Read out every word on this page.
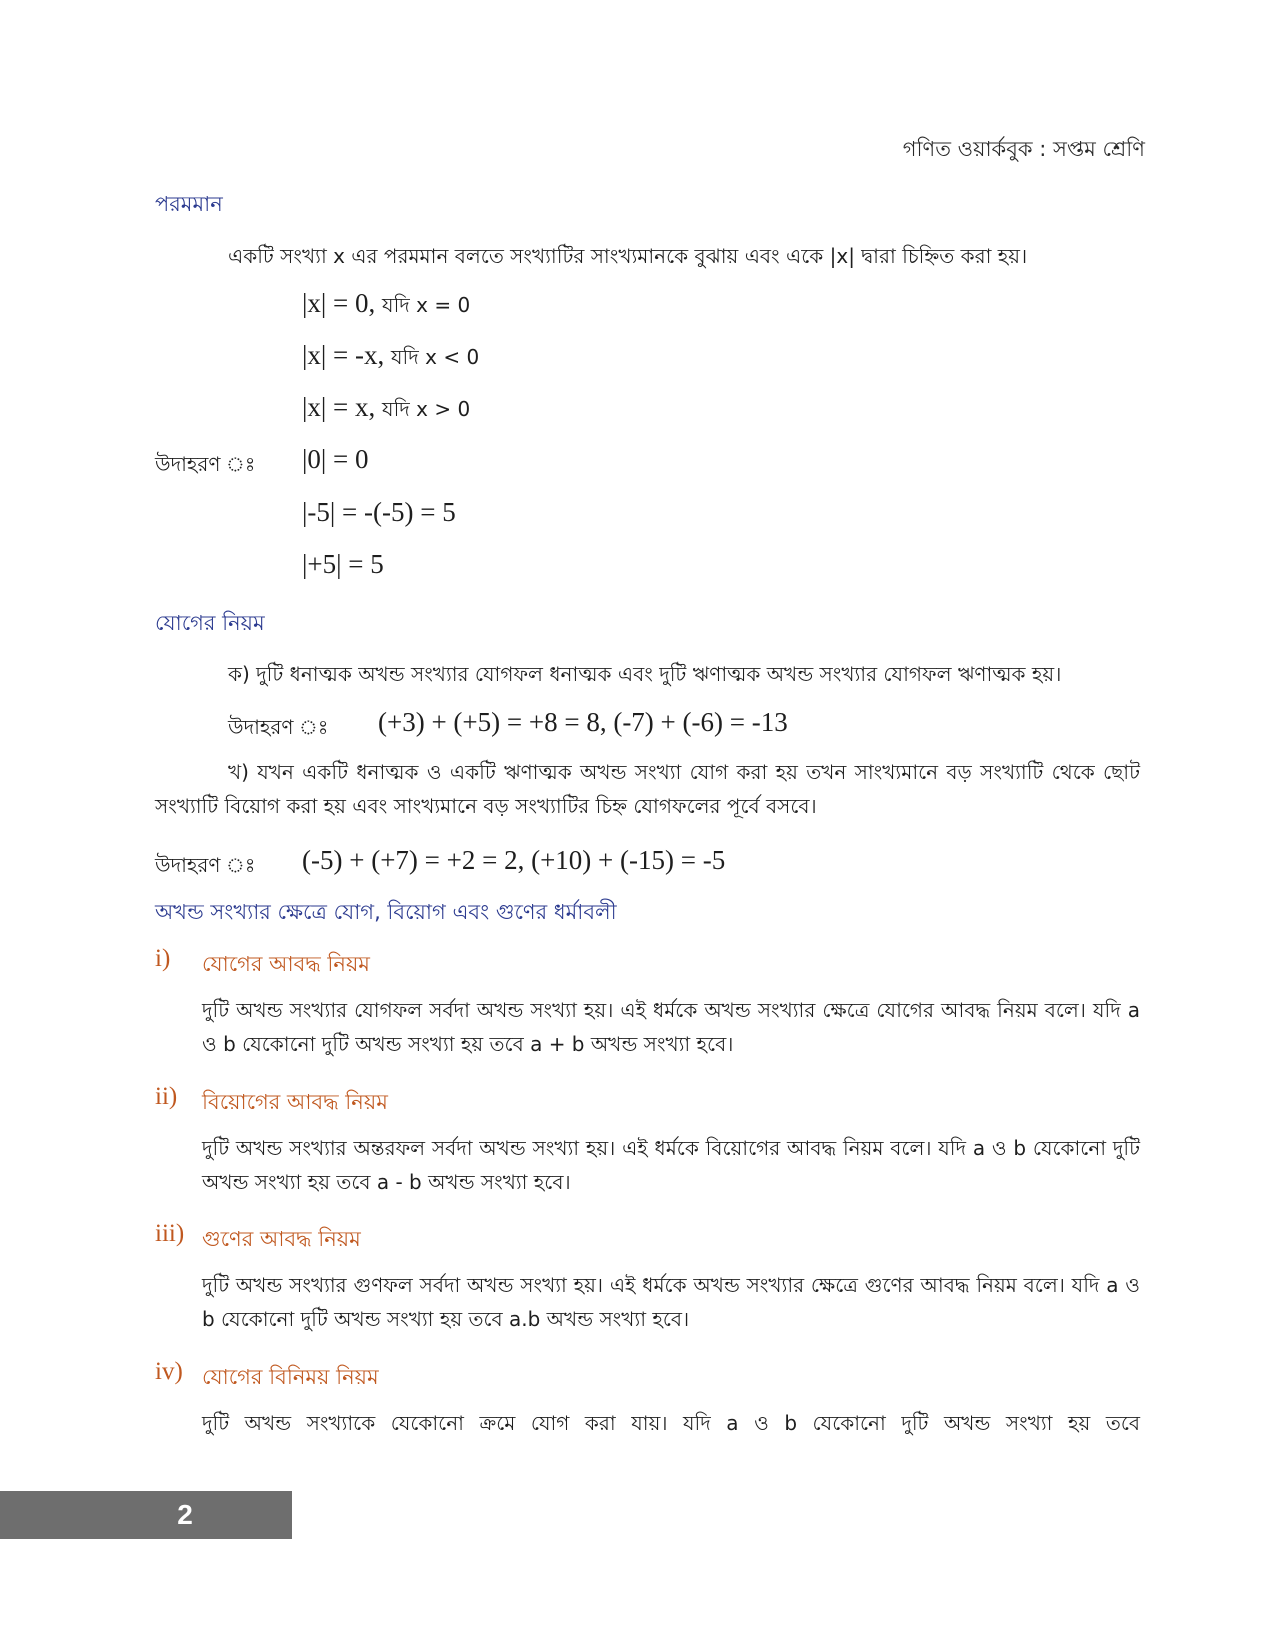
গণিত ওয়ার্কবুক : সপ্তম শ্রেণি
পরমমান
একটি সংখ্যা x এর পরমমান বলতে সংখ্যাটির সাংখ্যমানকে বুঝায় এবং একে |x| দ্বারা চিহ্নিত করা হয়।
|x| = 0, যদি x = 0
|x| = -x, যদি x < 0
|x| = x, যদি x > 0
উদাহরণ ঃ |0| = 0
|-5| = -(-5) = 5
|+5| = 5
যোগের নিয়ম
ক) দুটি ধনাত্মক অখন্ড সংখ্যার যোগফল ধনাত্মক এবং দুটি ঋণাত্মক অখন্ড সংখ্যার যোগফল ঋণাত্মক হয়।
উদাহরণ ঃ (+3) + (+5) = +8 = 8, (-7) + (-6) = -13
খ) যখন একটি ধনাত্মক ও একটি ঋণাত্মক অখন্ড সংখ্যা যোগ করা হয় তখন সাংখ্যমানে বড় সংখ্যাটি থেকে ছোট সংখ্যাটি বিয়োগ করা হয় এবং সাংখ্যমানে বড় সংখ্যাটির চিহ্ন যোগফলের পূর্বে বসবে।
উদাহরণ ঃ (-5) + (+7) = +2 = 2, (+10) + (-15) = -5
অখন্ড সংখ্যার ক্ষেত্রে যোগ, বিয়োগ এবং গুণের ধর্মাবলী
i) যোগের আবদ্ধ নিয়ম
দুটি অখন্ড সংখ্যার যোগফল সর্বদা অখন্ড সংখ্যা হয়। এই ধর্মকে অখন্ড সংখ্যার ক্ষেত্রে যোগের আবদ্ধ নিয়ম বলে। যদি a ও b যেকোনো দুটি অখন্ড সংখ্যা হয় তবে a + b অখন্ড সংখ্যা হবে।
ii) বিয়োগের আবদ্ধ নিয়ম
দুটি অখন্ড সংখ্যার অন্তরফল সর্বদা অখন্ড সংখ্যা হয়। এই ধর্মকে বিয়োগের আবদ্ধ নিয়ম বলে। যদি a ও b যেকোনো দুটি অখন্ড সংখ্যা হয় তবে a - b অখন্ড সংখ্যা হবে।
iii) গুণের আবদ্ধ নিয়ম
দুটি অখন্ড সংখ্যার গুণফল সর্বদা অখন্ড সংখ্যা হয়। এই ধর্মকে অখন্ড সংখ্যার ক্ষেত্রে গুণের আবদ্ধ নিয়ম বলে। যদি a ও b যেকোনো দুটি অখন্ড সংখ্যা হয় তবে a.b অখন্ড সংখ্যা হবে।
iv) যোগের বিনিময় নিয়ম
দুটি অখন্ড সংখ্যাকে যেকোনো ক্রমে যোগ করা যায়। যদি a ও b যেকোনো দুটি অখন্ড সংখ্যা হয় তবে
2
